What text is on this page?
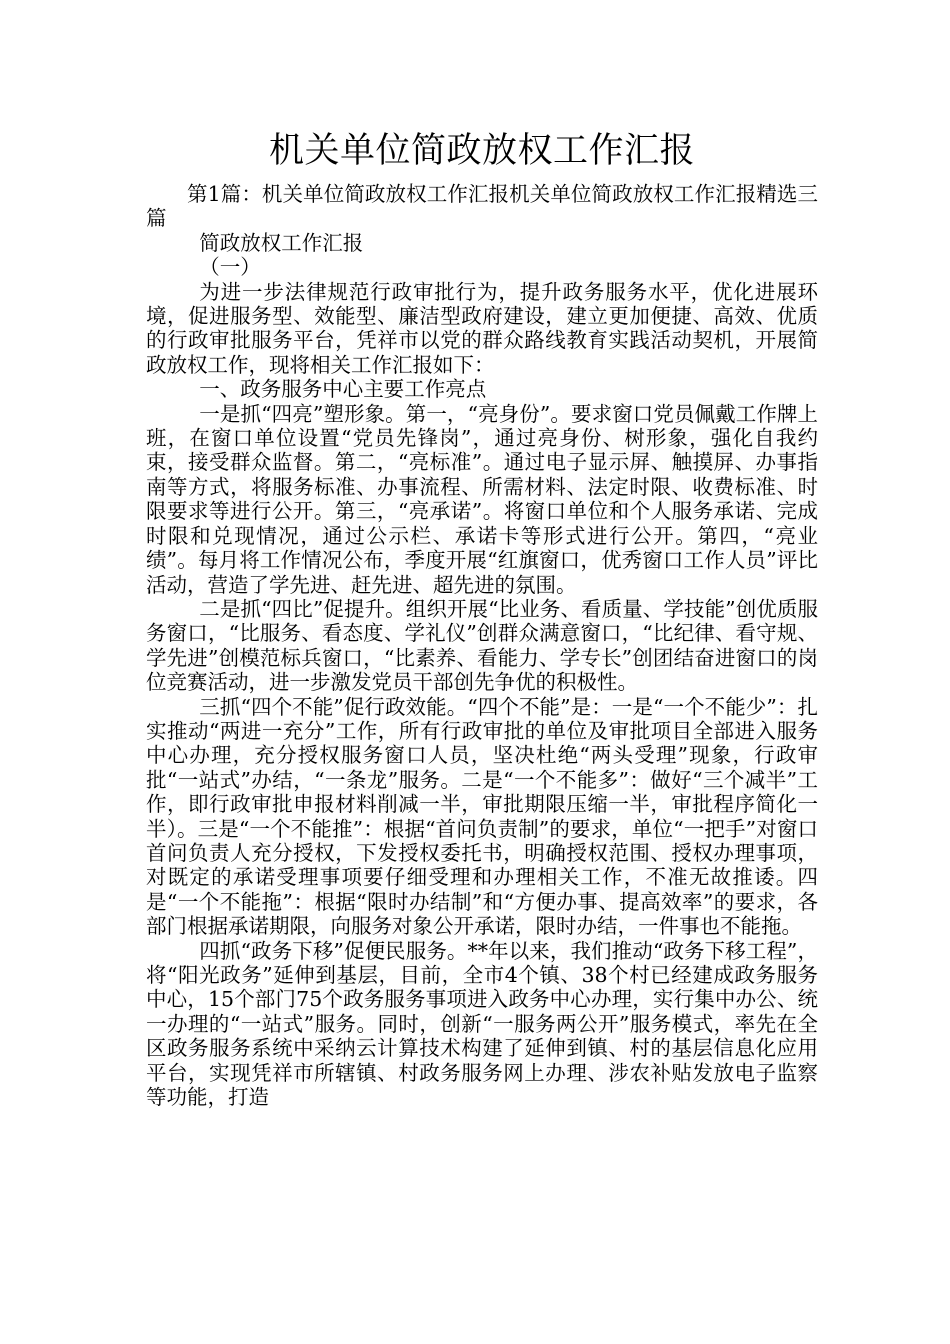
机关单位简政放权工作汇报

第1篇：机关单位简政放权工作汇报机关单位简政放权工作汇报精选三篇

简政放权工作汇报

（一）

为进一步法律规范行政审批行为，提升政务服务水平，优化进展环境，促进服务型、效能型、廉洁型政府建设，建立更加便捷、高效、优质的行政审批服务平台，凭祥市以党的群众路线教育实践活动契机，开展简政放权工作，现将相关工作汇报如下：

一、政务服务中心主要工作亮点

一是抓“四亮”塑形象。第一，“亮身份”。要求窗口党员佩戴工作牌上班，在窗口单位设置“党员先锋岗”，通过亮身份、树形象，强化自我约束，接受群众监督。第二，“亮标准”。通过电子显示屏、触摸屏、办事指南等方式，将服务标准、办事流程、所需材料、法定时限、收费标准、时限要求等进行公开。第三，“亮承诺”。将窗口单位和个人服务承诺、完成时限和兑现情况，通过公示栏、承诺卡等形式进行公开。第四，“亮业绩”。每月将工作情况公布，季度开展“红旗窗口，优秀窗口工作人员”评比活动，营造了学先进、赶先进、超先进的氛围。

二是抓“四比”促提升。组织开展“比业务、看质量、学技能”创优质服务窗口，“比服务、看态度、学礼仪”创群众满意窗口，“比纪律、看守规、学先进”创模范标兵窗口，“比素养、看能力、学专长”创团结奋进窗口的岗位竞赛活动，进一步激发党员干部创先争优的积极性。

三抓“四个不能”促行政效能。“四个不能”是：一是“一个不能少”：扎实推动“两进一充分”工作，所有行政审批的单位及审批项目全部进入服务中心办理，充分授权服务窗口人员，坚决杜绝“两头受理”现象，行政审批“一站式”办结，“一条龙”服务。二是“一个不能多”：做好“三个减半”工作，即行政审批申报材料削减一半，审批期限压缩一半，审批程序简化一半）。三是“一个不能推”：根据“首问负责制”的要求，单位“一把手”对窗口首问负责人充分授权，下发授权委托书，明确授权范围、授权办理事项，对既定的承诺受理事项要仔细受理和办理相关工作，不准无故推诿。四是“一个不能拖”：根据“限时办结制”和“方便办事、提高效率”的要求，各部门根据承诺期限，向服务对象公开承诺，限时办结，一件事也不能拖。

四抓“政务下移”促便民服务。**年以来，我们推动“政务下移工程”，将“阳光政务”延伸到基层，目前，全市4个镇、38个村已经建成政务服务中心，15个部门75个政务服务事项进入政务中心办理，实行集中办公、统一办理的“一站式”服务。同时，创新“一服务两公开”服务模式，率先在全区政务服务系统中采纳云计算技术构建了延伸到镇、村的基层信息化应用平台，实现凭祥市所辖镇、村政务服务网上办理、涉农补贴发放电子监察等功能，打造
